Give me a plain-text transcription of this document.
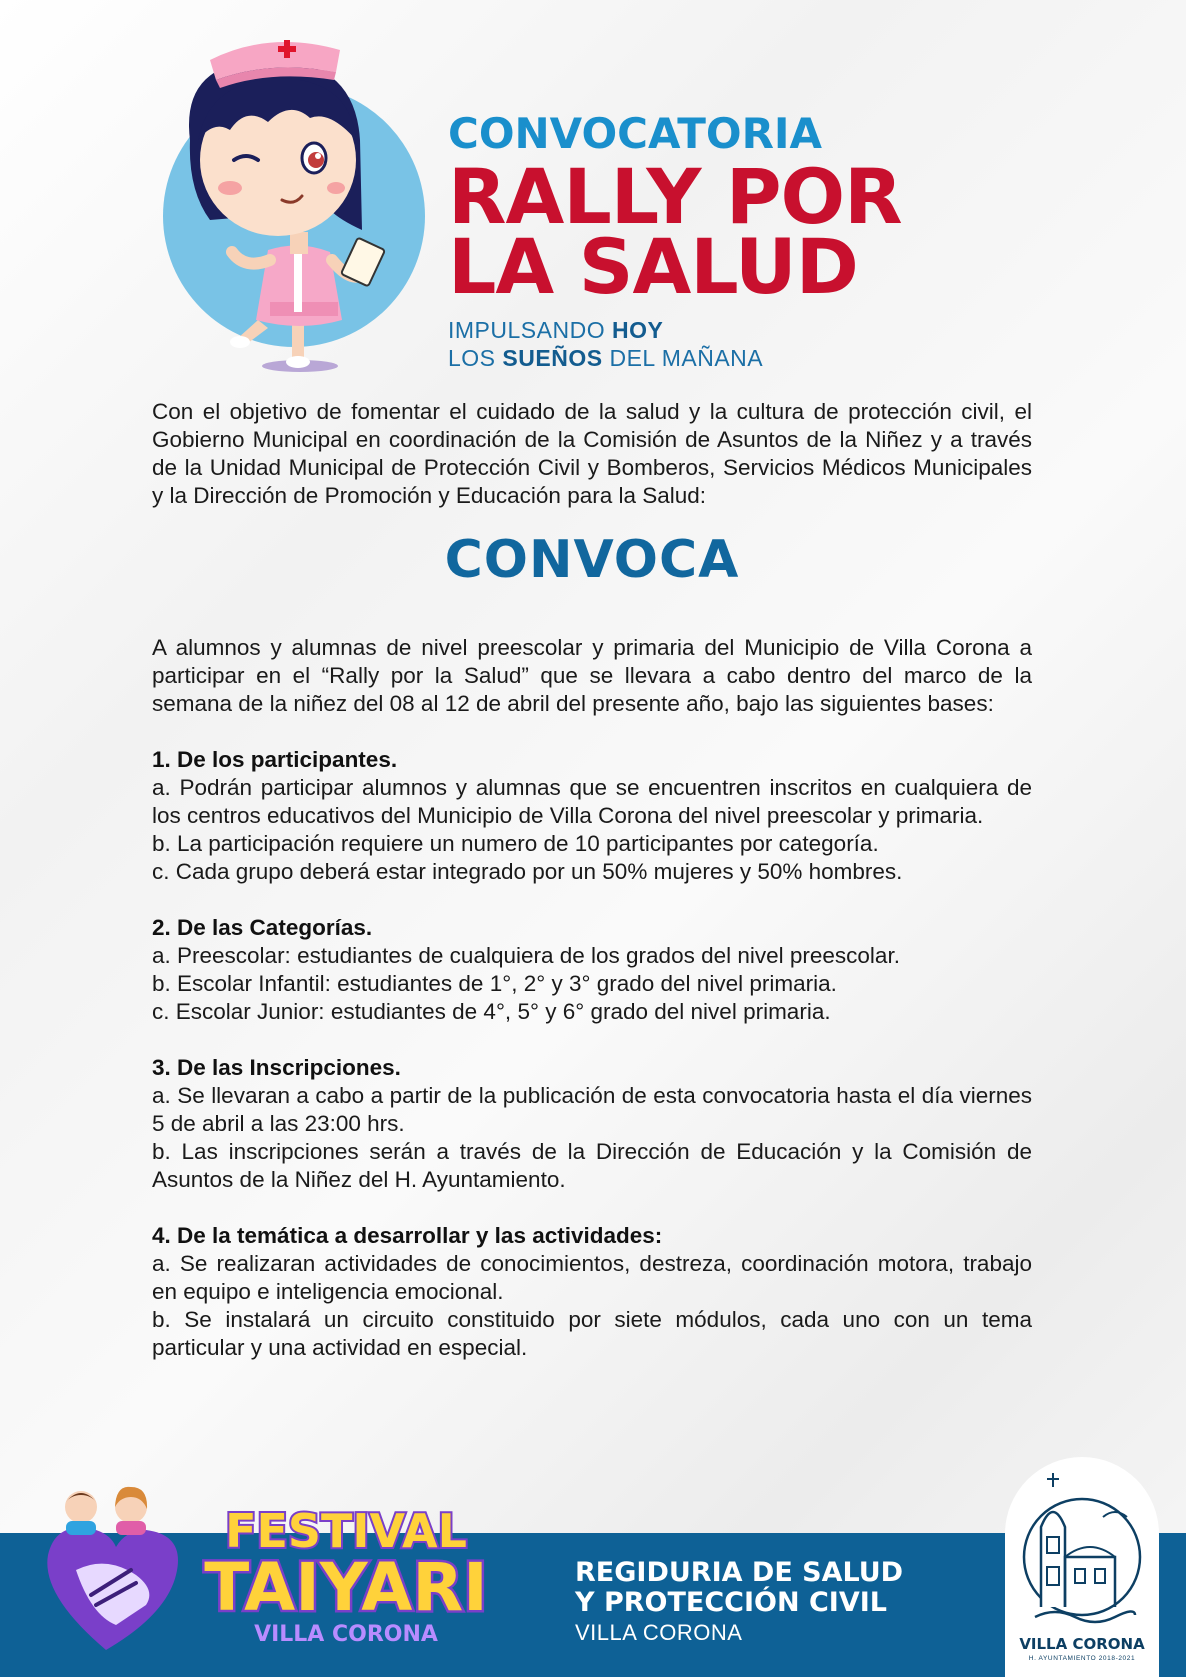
CONVOCATORIA
RALLY POR
LA SALUD
IMPULSANDO HOY
LOS SUEÑOS DEL MAÑANA

Con el objetivo de fomentar el cuidado de la salud y la cultura de protección civil, el Gobierno Municipal en coordinación de la Comisión de Asuntos de la Niñez y a través de la Unidad Municipal de Protección Civil y Bomberos, Servicios Médicos Municipales y la Dirección de Promoción y Educación para la Salud:

CONVOCA

A alumnos y alumnas de nivel preescolar y primaria del Municipio de Villa Corona a participar en el “Rally por la Salud” que se llevara a cabo dentro del marco de la semana de la niñez del 08 al 12 de abril del presente año, bajo las siguientes bases:

1. De los participantes.

a. Podrán participar alumnos y alumnas que se encuentren inscritos en cualquiera de los centros educativos del Municipio de Villa Corona del nivel preescolar y primaria.

b. La participación requiere un numero de 10 participantes por categoría.

c. Cada grupo deberá estar integrado por un 50% mujeres y 50% hombres.

2. De las Categorías.

a. Preescolar: estudiantes de cualquiera de los grados del nivel preescolar.

b. Escolar Infantil: estudiantes de 1°, 2° y 3° grado del nivel primaria.

c. Escolar Junior: estudiantes de 4°, 5° y 6° grado del nivel primaria.

3. De las Inscripciones.

a. Se llevaran a cabo a partir de la publicación de esta convocatoria hasta el día viernes 5 de abril a las 23:00 hrs.

b. Las inscripciones serán a través de la Dirección de Educación y la Comisión de Asuntos de la Niñez del H. Ayuntamiento.

4. De la temática a desarrollar y las actividades:

a. Se realizaran actividades de conocimientos, destreza, coordinación motora, trabajo en equipo e inteligencia emocional.

b. Se instalará un circuito constituido por siete módulos, cada uno con un tema particular y una actividad en especial.

FESTIVAL
TAIYARI
VILLA CORONA
REGIDURIA DE SALUD
Y PROTECCIÓN CIVIL
VILLA CORONA	VILLA CORONA
H. AYUNTAMIENTO 2018-2021
